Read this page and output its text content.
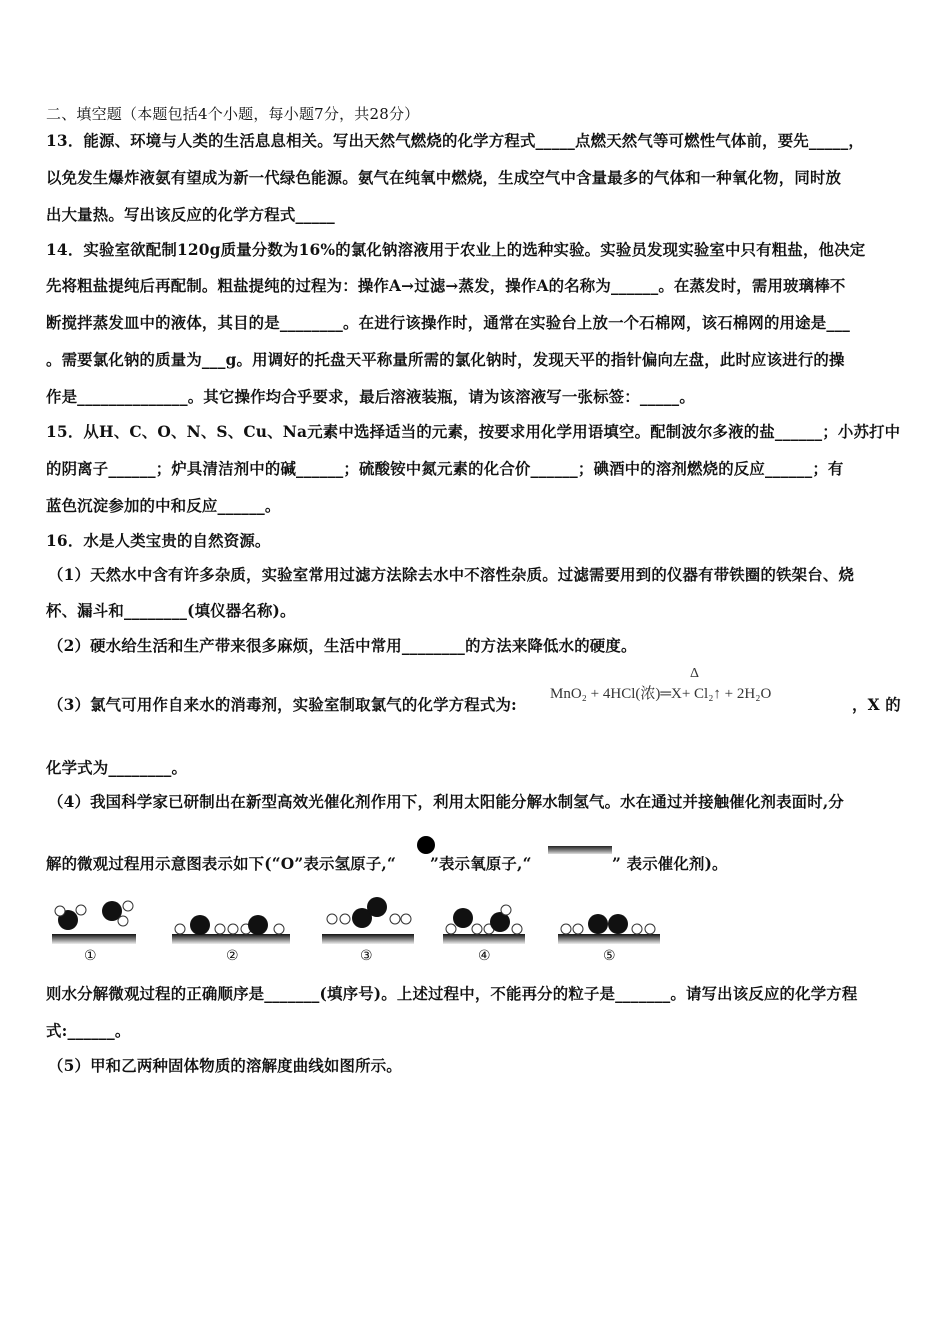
二、填空题（本题包括4个小题，每小题7分，共28分）
13．能源、环境与人类的生活息息相关。写出天然气燃烧的化学方程式_____点燃天然气等可燃性气体前，要先_____，
以免发生爆炸液氨有望成为新一代绿色能源。氨气在纯氧中燃烧，生成空气中含量最多的气体和一种氧化物，同时放
出大量热。写出该反应的化学方程式_____
14．实验室欲配制120g质量分数为16%的氯化钠溶液用于农业上的选种实验。实验员发现实验室中只有粗盐，他决定
先将粗盐提纯后再配制。粗盐提纯的过程为：操作A→过滤→蒸发，操作A的名称为______。在蒸发时，需用玻璃棒不
断搅拌蒸发皿中的液体，其目的是________。在进行该操作时，通常在实验台上放一个石棉网，该石棉网的用途是___
。需要氯化钠的质量为___g。用调好的托盘天平称量所需的氯化钠时，发现天平的指针偏向左盘，此时应该进行的操
作是______________。其它操作均合乎要求，最后溶液装瓶，请为该溶液写一张标签：_____。
15．从H、C、O、N、S、Cu、Na元素中选择适当的元素，按要求用化学用语填空。配制波尔多液的盐______；小苏打中
的阴离子______；炉具清洁剂中的碱______；硫酸铵中氮元素的化合价______；碘酒中的溶剂燃烧的反应______；有
蓝色沉淀参加的中和反应______。
16．水是人类宝贵的自然资源。
（1）天然水中含有许多杂质，实验室常用过滤方法除去水中不溶性杂质。过滤需要用到的仪器有带铁圈的铁架台、烧
杯、漏斗和________(填仪器名称)。
（2）硬水给生活和生产带来很多麻烦，生活中常用________的方法来降低水的硬度。
（3）氯气可用作自来水的消毒剂，实验室制取氯气的化学方程式为:
Δ
MnO₂ + 4HCl(浓)═X+ Cl₂↑ + 2H₂O
，X 的
化学式为________。
（4）我国科学家已研制出在新型高效光催化剂作用下，利用太阳能分解水制氢气。水在通过并接触催化剂表面时,分
解的微观过程用示意图表示如下(“O”表示氢原子,“ ”表示氧原子,“	” 表示催化剂)。
①	②	③	④	⑤
则水分解微观过程的正确顺序是_______(填序号)。上述过程中，不能再分的粒子是_______。请写出该反应的化学方程
式:______。
（5）甲和乙两种固体物质的溶解度曲线如图所示。
